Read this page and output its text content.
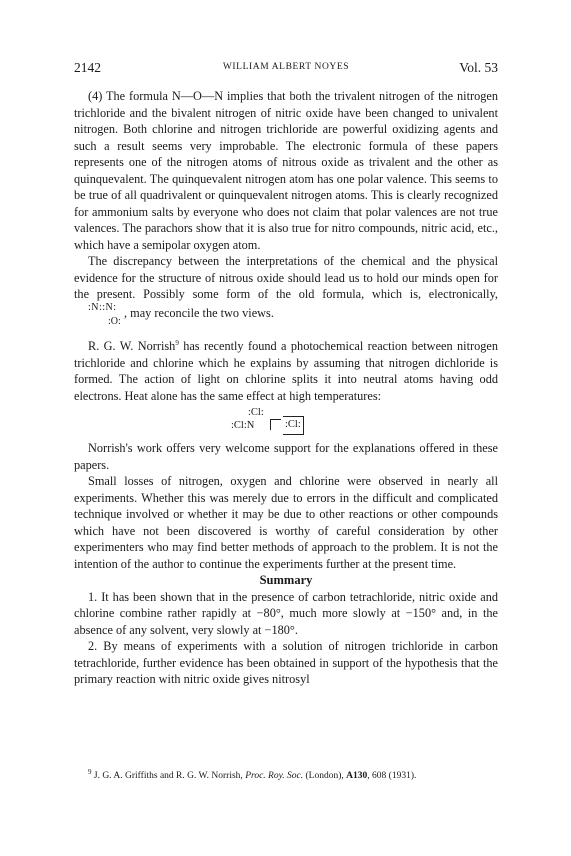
2142	WILLIAM ALBERT NOYES	Vol. 53

(4) The formula N—O—N implies that both the trivalent nitrogen of the nitrogen trichloride and the bivalent nitrogen of nitric oxide have been changed to univalent nitrogen. Both chlorine and nitrogen trichloride are powerful oxidizing agents and such a result seems very improbable. The electronic formula of these papers represents one of the nitrogen atoms of nitrous oxide as trivalent and the other as quinquevalent. The quinquevalent nitrogen atom has one polar valence. This seems to be true of all quadrivalent or quinquevalent nitrogen atoms. This is clearly recognized for ammonium salts by everyone who does not claim that polar valences are not true valences. The parachors show that it is also true for nitro compounds, nitric acid, etc., which have a semipolar oxygen atom.

The discrepancy between the interpretations of the chemical and the physical evidence for the structure of nitrous oxide should lead us to hold our minds open for the present. Possibly some form of the old formula, which is, electronically,
:N::N:
:O:
, may reconcile the two views.

R. G. W. Norrish$^9$ has recently found a photochemical reaction between nitrogen trichloride and chlorine which he explains by assuming that nitrogen dichloride is formed. The action of light on chlorine splits it into neutral atoms having odd electrons. Heat alone has the same effect at high temperatures:

:Cl:
:Cl:N	:Cl:

Norrish's work offers very welcome support for the explanations offered in these papers.

Small losses of nitrogen, oxygen and chlorine were observed in nearly all experiments. Whether this was merely due to errors in the difficult and complicated technique involved or whether it may be due to other reactions or other compounds which have not been discovered is worthy of careful consideration by other experimenters who may find better methods of approach to the problem. It is not the intention of the author to continue the experiments further at the present time.

Summary

1. It has been shown that in the presence of carbon tetrachloride, nitric oxide and chlorine combine rather rapidly at −80°, much more slowly at −150° and, in the absence of any solvent, very slowly at −180°.

2. By means of experiments with a solution of nitrogen trichloride in carbon tetrachloride, further evidence has been obtained in support of the hypothesis that the primary reaction with nitric oxide gives nitrosyl

$^9$ J. G. A. Griffiths and R. G. W. Norrish, Proc. Roy. Soc. (London), A130, 608 (1931).
